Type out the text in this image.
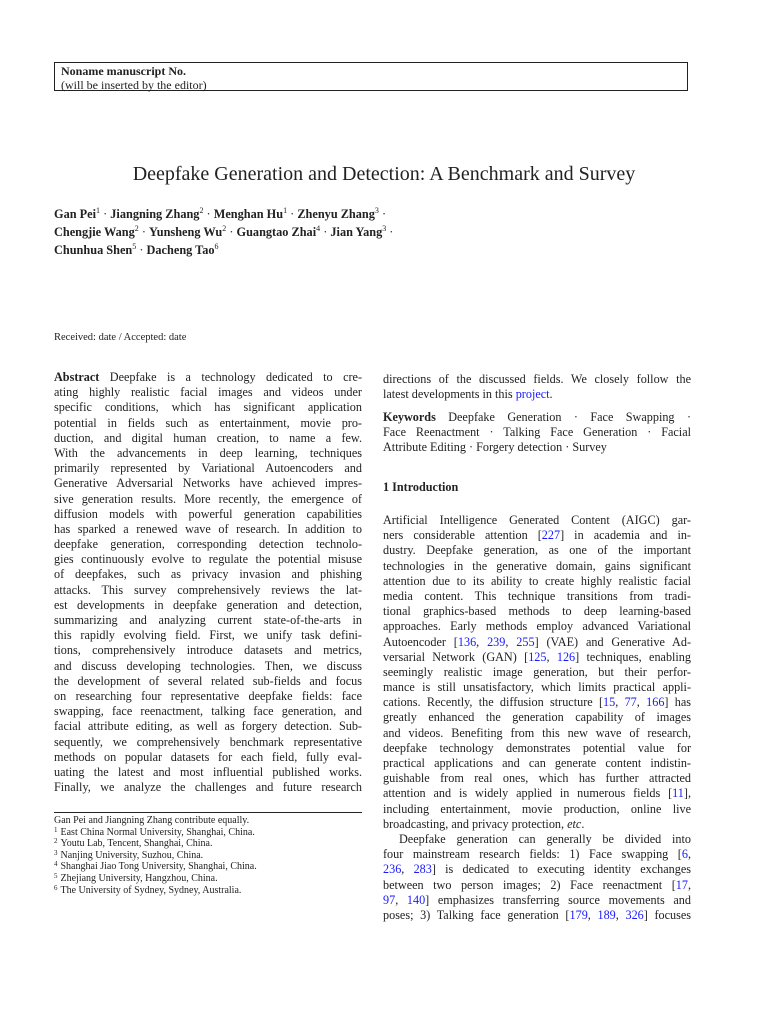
Noname manuscript No.
(will be inserted by the editor)
Deepfake Generation and Detection: A Benchmark and Survey
Gan Pei$^1$ · Jiangning Zhang$^2$ · Menghan $Hu^1$ · Zhenyu Zhang$^3$ ·
Chengjie Wang$^2$ · Yunsheng $Wu^2$ · Guangtao Zhai$^4$ · Jian Yang$^3$ ·
Chunhua Shen$^5$ · Dacheng Tao$^6$
Received: date / Accepted: date
Abstract Deepfake is a technology dedicated to cre-
ating highly realistic facial images and videos under
specific conditions, which has significant application
potential in fields such as entertainment, movie pro-
duction, and digital human creation, to name a few.
With the advancements in deep learning, techniques
primarily represented by Variational Autoencoders and
Generative Adversarial Networks have achieved impres-
sive generation results. More recently, the emergence of
diffusion models with powerful generation capabilities
has sparked a renewed wave of research. In addition to
deepfake generation, corresponding detection technolo-
gies continuously evolve to regulate the potential misuse
of deepfakes, such as privacy invasion and phishing
attacks. This survey comprehensively reviews the lat-
est developments in deepfake generation and detection,
summarizing and analyzing current state-of-the-arts in
this rapidly evolving field. First, we unify task defini-
tions, comprehensively introduce datasets and metrics,
and discuss developing technologies. Then, we discuss
the development of several related sub-fields and focus
on researching four representative deepfake fields: face
swapping, face reenactment, talking face generation, and
facial attribute editing, as well as forgery detection. Sub-
sequently, we comprehensively benchmark representative
methods on popular datasets for each field, fully eval-
uating the latest and most influential published works.
Finally, we analyze the challenges and future research
Gan Pei and Jiangning Zhang contribute equally.
$^1$ East China Normal University, Shanghai, China.
$^2$ Youtu Lab, Tencent, Shanghai, China.
$^3$ Nanjing University, Suzhou, China.
$^4$ Shanghai Jiao Tong University, Shanghai, China.
$^5$ Zhejiang University, Hangzhou, China.
$^6$ The University of Sydney, Sydney, Australia.
directions of the discussed fields. We closely follow the
latest developments in this project.
Keywords Deepfake Generation · Face Swapping ·
Face Reenactment · Talking Face Generation · Facial
Attribute Editing · Forgery detection · Survey
1 Introduction
Artificial Intelligence Generated Content (AIGC) gar-
ners considerable attention [227] in academia and in-
dustry. Deepfake generation, as one of the important
technologies in the generative domain, gains significant
attention due to its ability to create highly realistic facial
media content. This technique transitions from tradi-
tional graphics-based methods to deep learning-based
approaches. Early methods employ advanced Variational
Autoencoder [136, 239, 255] (VAE) and Generative Ad-
versarial Network (GAN) [125, 126] techniques, enabling
seemingly realistic image generation, but their perfor-
mance is still unsatisfactory, which limits practical appli-
cations. Recently, the diffusion structure [15, 77, 166] has
greatly enhanced the generation capability of images
and videos. Benefiting from this new wave of research,
deepfake technology demonstrates potential value for
practical applications and can generate content indistin-
guishable from real ones, which has further attracted
attention and is widely applied in numerous fields [11],
including entertainment, movie production, online live
broadcasting, and privacy protection, etc.
Deepfake generation can generally be divided into
four mainstream research fields: 1) Face swapping [6,
236, 283] is dedicated to executing identity exchanges
between two person images; 2) Face reenactment [17,
97, 140] emphasizes transferring source movements and
poses; 3) Talking face generation [179, 189, 326] focuses
